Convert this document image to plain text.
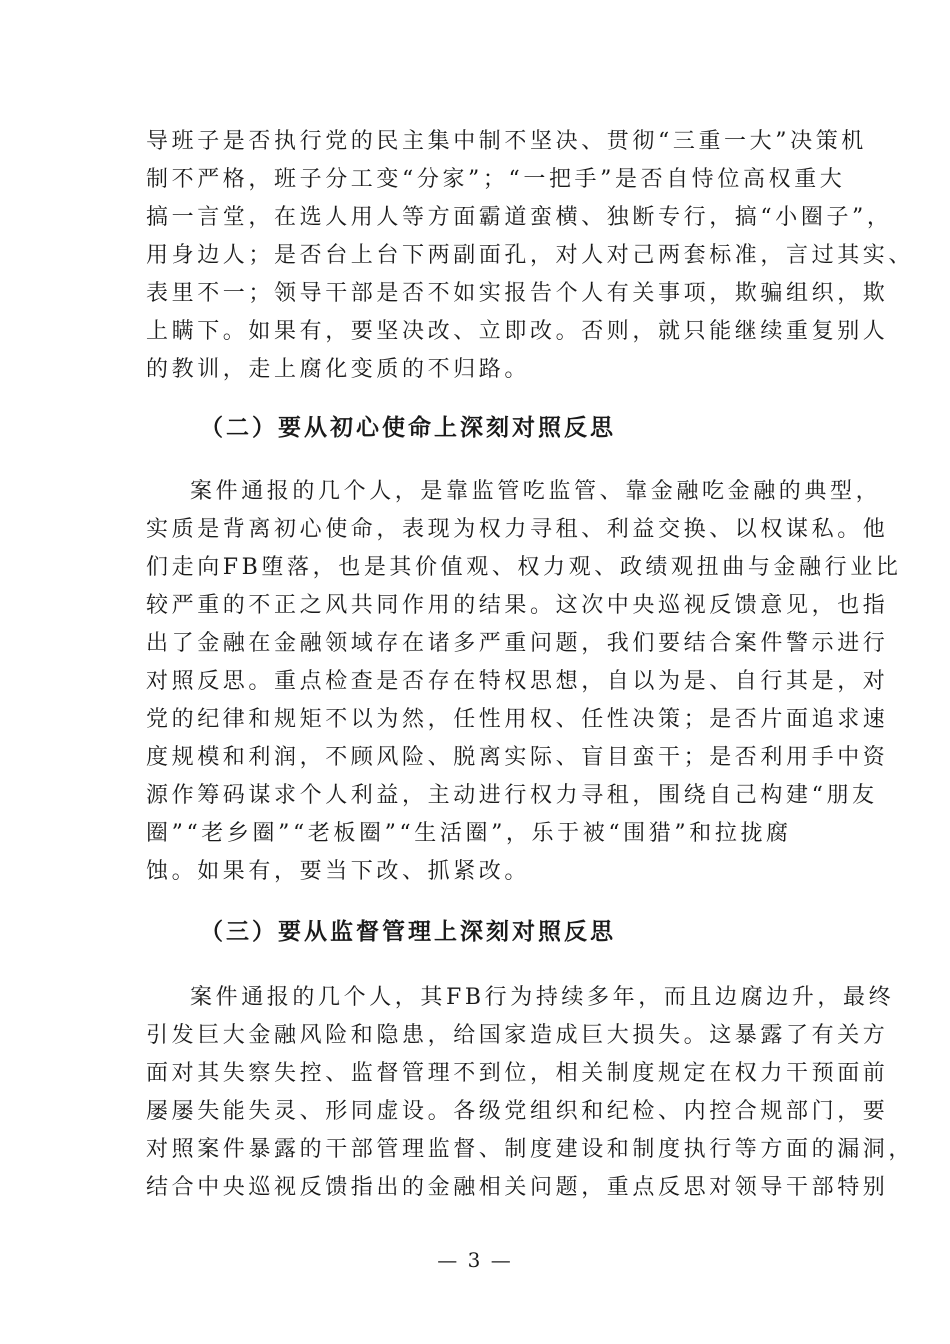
导班子是否执行党的民主集中制不坚决、贯彻“三重一大”决策机
制不严格，班子分工变“分家”；“一把手”是否自恃位高权重大
搞一言堂，在选人用人等方面霸道蛮横、独断专行，搞“小圈子”，
用身边人；是否台上台下两副面孔，对人对己两套标准，言过其实、
表里不一；领导干部是否不如实报告个人有关事项，欺骗组织，欺
上瞒下。如果有，要坚决改、立即改。否则，就只能继续重复别人
的教训，走上腐化变质的不归路。
（二）要从初心使命上深刻对照反思
案件通报的几个人，是靠监管吃监管、靠金融吃金融的典型，
实质是背离初心使命，表现为权力寻租、利益交换、以权谋私。他
们走向FB堕落，也是其价值观、权力观、政绩观扭曲与金融行业比
较严重的不正之风共同作用的结果。这次中央巡视反馈意见，也指
出了金融在金融领域存在诸多严重问题，我们要结合案件警示进行
对照反思。重点检查是否存在特权思想，自以为是、自行其是，对
党的纪律和规矩不以为然，任性用权、任性决策；是否片面追求速
度规模和利润，不顾风险、脱离实际、盲目蛮干；是否利用手中资
源作筹码谋求个人利益，主动进行权力寻租，围绕自己构建“朋友
圈”“老乡圈”“老板圈”“生活圈”，乐于被“围猎”和拉拢腐
蚀。如果有，要当下改、抓紧改。
（三）要从监督管理上深刻对照反思
案件通报的几个人，其FB行为持续多年，而且边腐边升，最终
引发巨大金融风险和隐患，给国家造成巨大损失。这暴露了有关方
面对其失察失控、监督管理不到位，相关制度规定在权力干预面前
屡屡失能失灵、形同虚设。各级党组织和纪检、内控合规部门，要
对照案件暴露的干部管理监督、制度建设和制度执行等方面的漏洞，
结合中央巡视反馈指出的金融相关问题，重点反思对领导干部特别
— 3 —
